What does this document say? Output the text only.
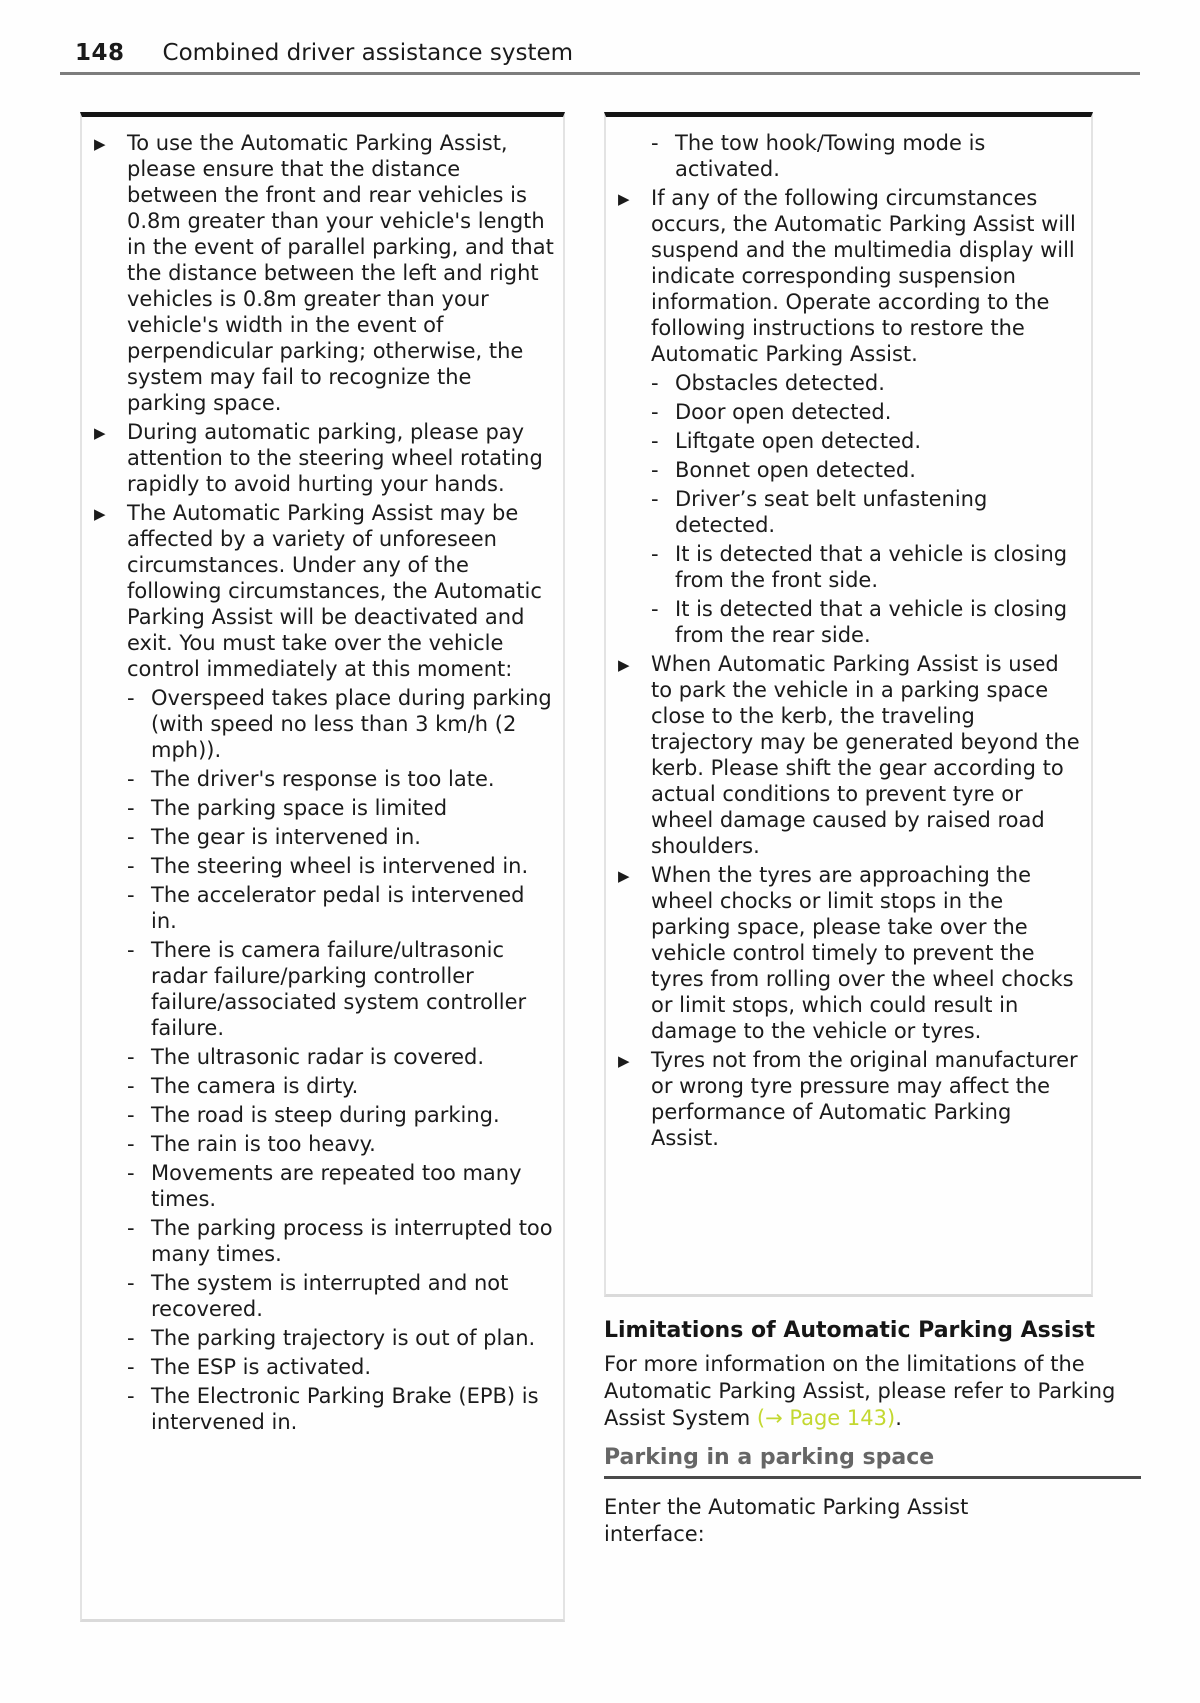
148 Combined driver assistance system
▶	To use the Automatic Parking Assist, please ensure that the distance between the front and rear vehicles is 0.8m greater than your vehicle's length in the event of parallel parking, and that the distance between the left and right vehicles is 0.8m greater than your vehicle's width in the event of perpendicular parking; otherwise, the system may fail to recognize the parking space.
▶	During automatic parking, please pay attention to the steering wheel rotating rapidly to avoid hurting your hands.
▶	The Automatic Parking Assist may be affected by a variety of unforeseen circumstances. Under any of the following circumstances, the Automatic Parking Assist will be deactivated and exit. You must take over the vehicle control immediately at this moment:
- Overspeed takes place during parking (with speed no less than 3 km/h (2 mph)).
- The driver's response is too late.
- The parking space is limited
- The gear is intervened in.
- The steering wheel is intervened in.
- The accelerator pedal is intervened in.
- There is camera failure/ultrasonic radar failure/parking controller failure/associated system controller failure.
- The ultrasonic radar is covered.
- The camera is dirty.
- The road is steep during parking.
- The rain is too heavy.
- Movements are repeated too many times.
- The parking process is interrupted too many times.
- The system is interrupted and not recovered.
- The parking trajectory is out of plan.
- The ESP is activated.
- The Electronic Parking Brake (EPB) is intervened in.
- The tow hook/Towing mode is activated.
▶	If any of the following circumstances occurs, the Automatic Parking Assist will suspend and the multimedia display will indicate corresponding suspension information. Operate according to the following instructions to restore the Automatic Parking Assist.
- Obstacles detected.
- Door open detected.
- Liftgate open detected.
- Bonnet open detected.
- Driver’s seat belt unfastening detected.
- It is detected that a vehicle is closing from the front side.
- It is detected that a vehicle is closing from the rear side.
▶	When Automatic Parking Assist is used to park the vehicle in a parking space close to the kerb, the traveling trajectory may be generated beyond the kerb. Please shift the gear according to actual conditions to prevent tyre or wheel damage caused by raised road shoulders.
▶	When the tyres are approaching the wheel chocks or limit stops in the parking space, please take over the vehicle control timely to prevent the tyres from rolling over the wheel chocks or limit stops, which could result in damage to the vehicle or tyres.
▶	Tyres not from the original manufacturer or wrong tyre pressure may affect the performance of Automatic Parking Assist.
Limitations of Automatic Parking Assist
For more information on the limitations of the Automatic Parking Assist, please refer to Parking Assist System (→ Page 143).
Parking in a parking space
Enter the Automatic Parking Assist interface:
